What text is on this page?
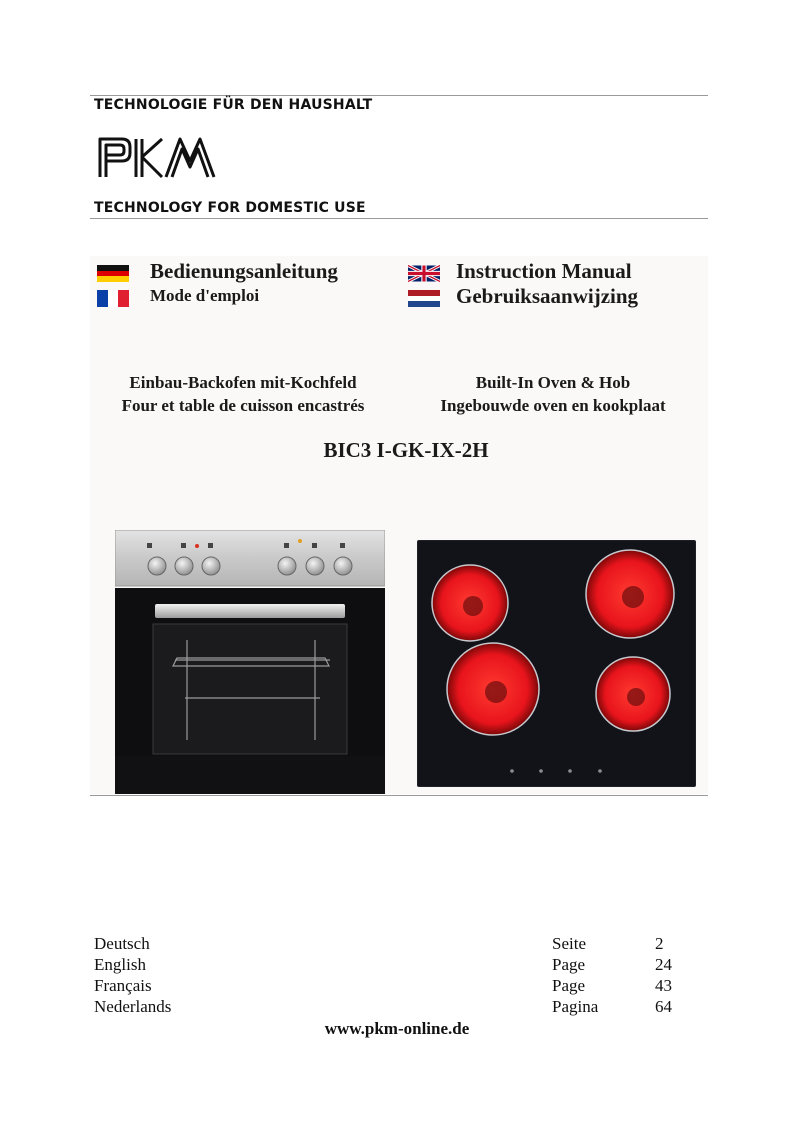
TECHNOLOGIE FÜR DEN HAUSHALT
TECHNOLOGY FOR DOMESTIC USE
Bedienungsanleitung
Mode d'emploi
Instruction Manual
Gebruiksaanwijzing
Einbau-Backofen mit-Kochfeld
Four et table de cuisson encastrés
Built-In Oven & Hob
Ingebouwde oven en kookplaat
BIC3 I-GK-IX-2H
Deutsch	Seite	2
English	Page	24
Français	Page	43
Nederlands	Pagina	64
www.pkm-online.de
